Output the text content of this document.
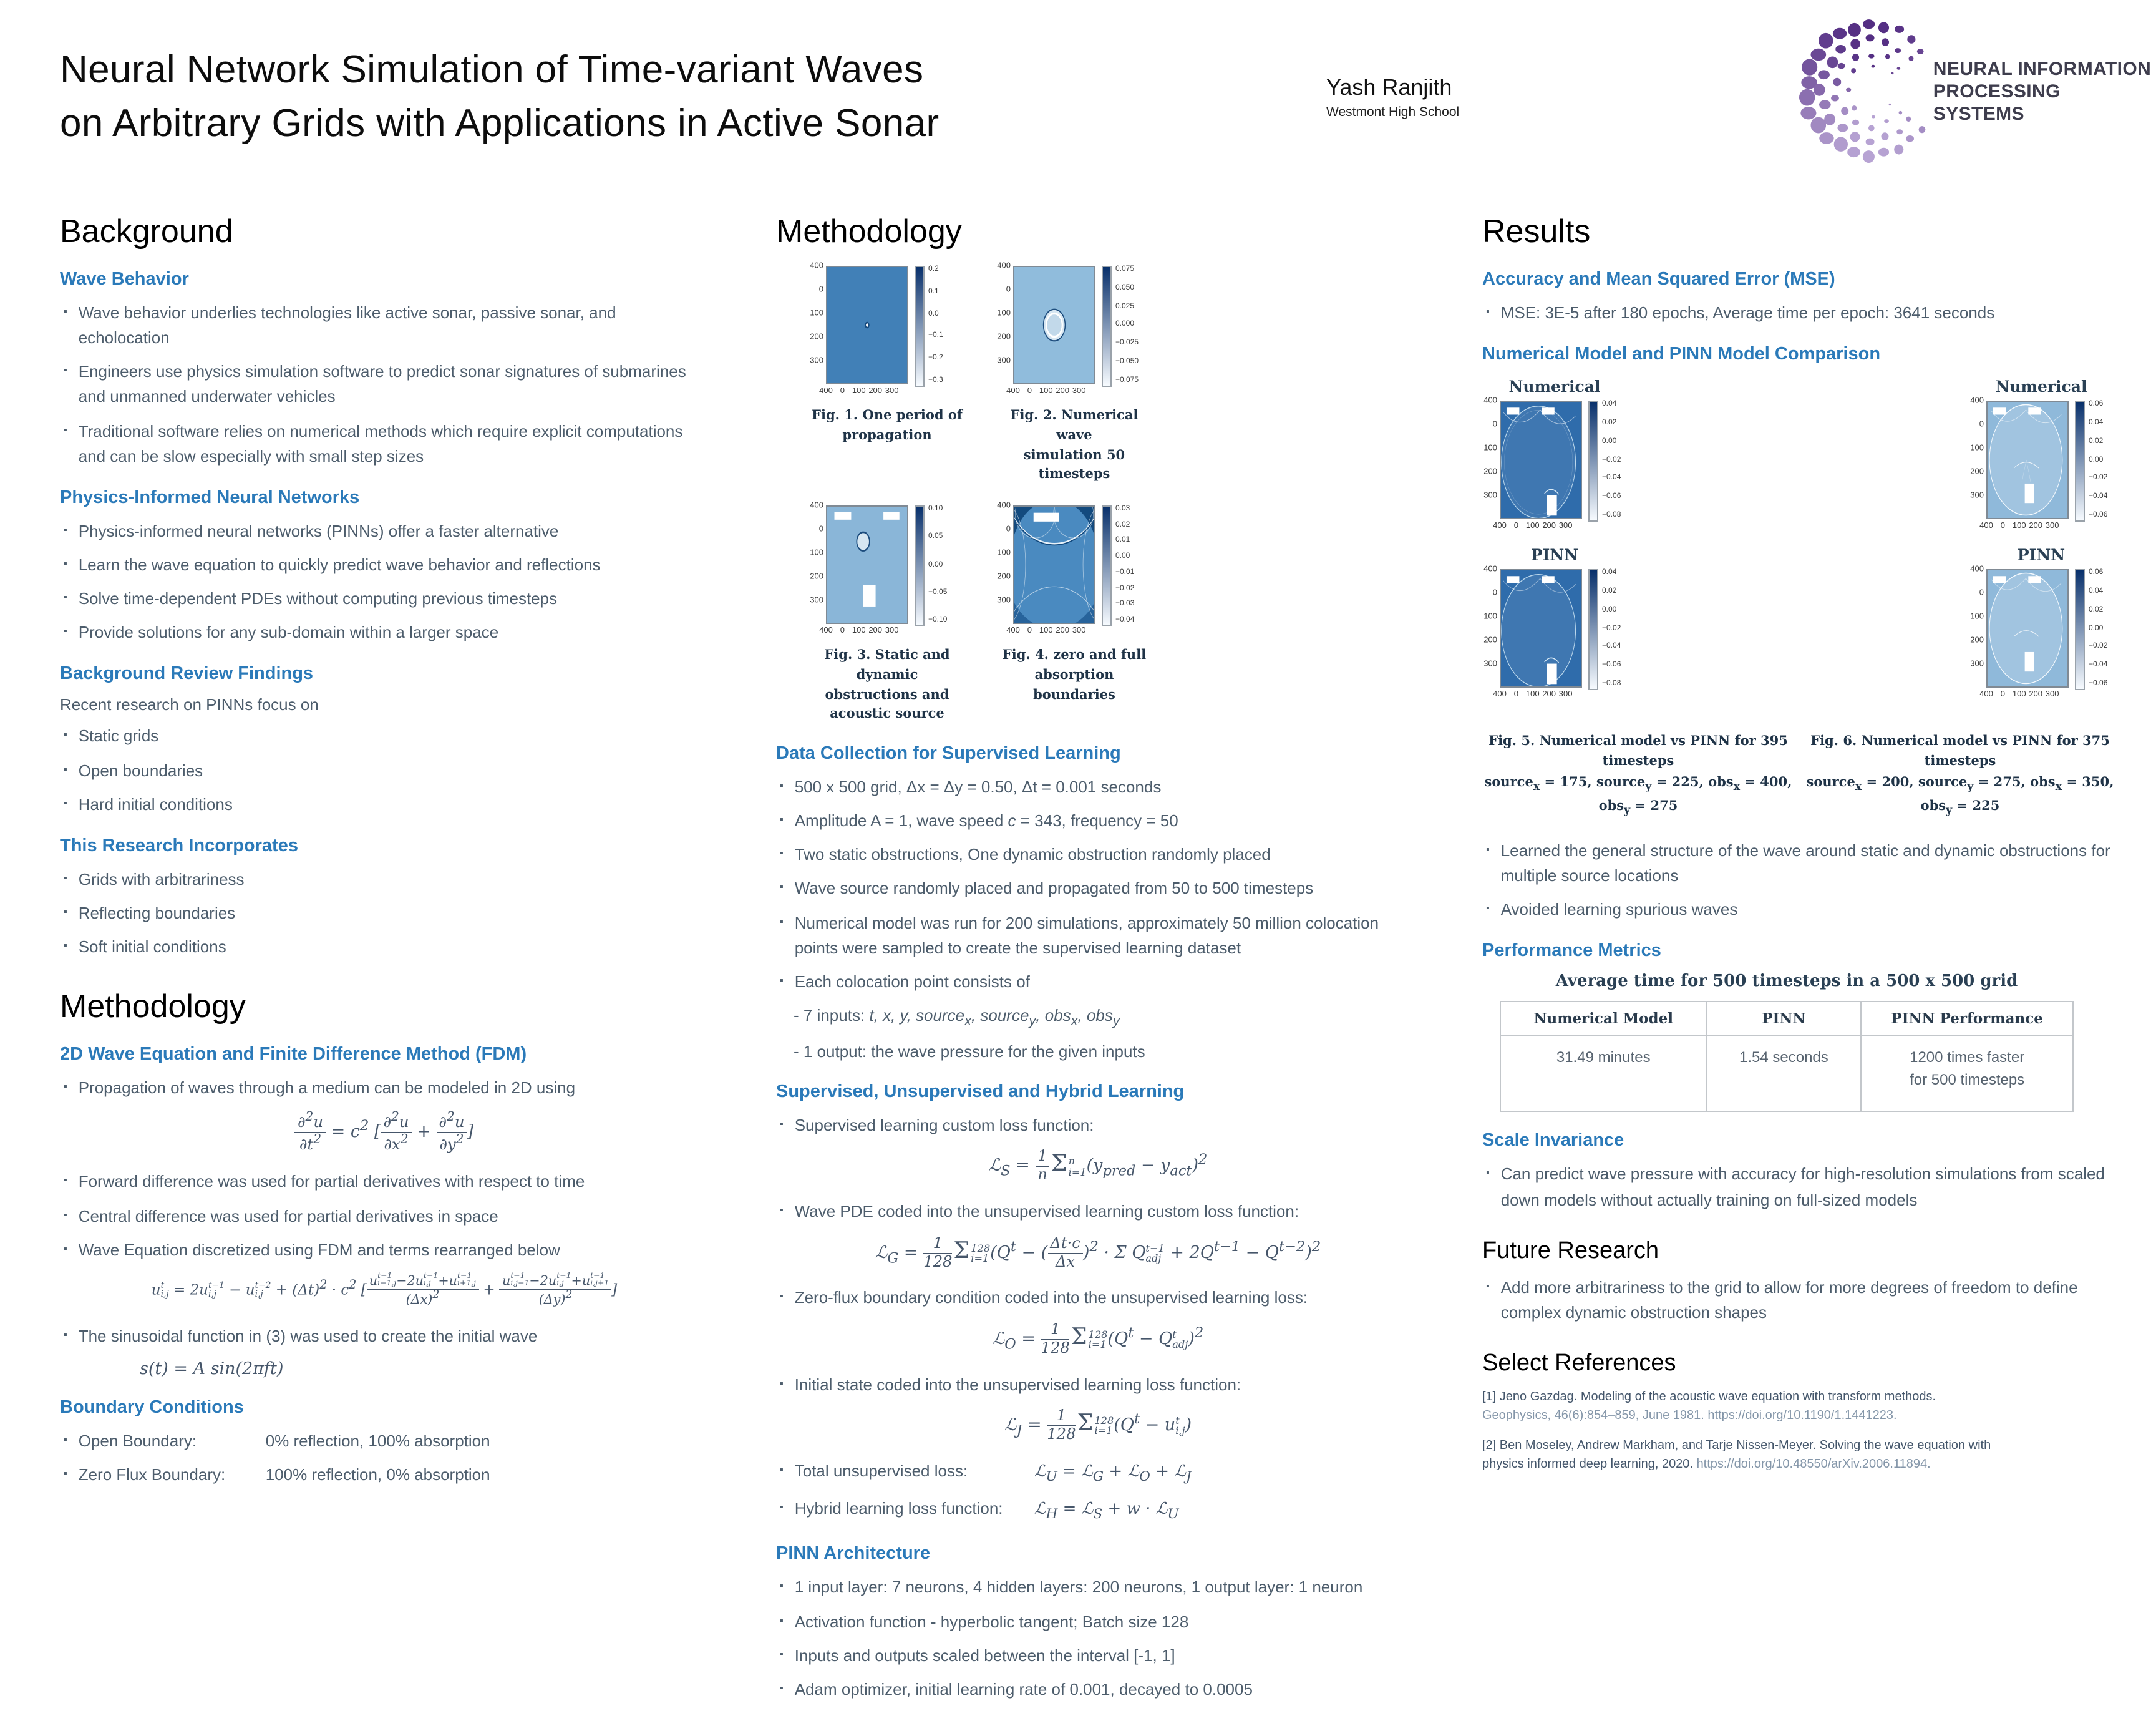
Neural Network Simulation of Time-variant Waves
on Arbitrary Grids with Applications in Active Sonar
Yash Ranjith
Westmont High School
NEURAL INFORMATION
PROCESSING SYSTEMS
Background
Wave Behavior
▪ Wave behavior underlies technologies like active sonar, passive sonar, and echolocation
▪ Engineers use physics simulation software to predict sonar signatures of submarines and unmanned underwater vehicles
▪ Traditional software relies on numerical methods which require explicit computations and can be slow especially with small step sizes
Physics-Informed Neural Networks
▪ Physics-informed neural networks (PINNs) offer a faster alternative
▪ Learn the wave equation to quickly predict wave behavior and reflections
▪ Solve time-dependent PDEs without computing previous timesteps
▪ Provide solutions for any sub-domain within a larger space
Background Review Findings
Recent research on PINNs focus on
▪ Static grids
▪ Open boundaries
▪ Hard initial conditions
This Research Incorporates
▪ Grids with arbitrariness
▪ Reflecting boundaries
▪ Soft initial conditions
Methodology
2D Wave Equation and Finite Difference Method (FDM)
▪ Propagation of waves through a medium can be modeled in 2D using
$\frac{\partial^2u}{\partial t^2} = c^2$ [ $\frac{\partial^2u}{\partial x^2} + \frac{\partial^2u}{\partial y^2}$ ]
▪ Forward difference was used for partial derivatives with respect to time
▪ Central difference was used for partial derivatives in space
▪ Wave Equation discretized using FDM and terms rearranged below
u t
i,j = 2u t−1
i,j	− u t−2
i,j	+ $(\Delta t)^2 \cdot c^2$ [ u t−1
i−1,j −2u t−1
i,j	+u t−1
i+1,j
$(\Delta x)^2 + u$ t−1
i,j−1 −2u t−1
i,j	+u t−1
i,j+1
$(\Delta y)^2$ ]
▪ The sinusoidal function in (3) was used to create the initial wave
s(t) = A sin(2πft)
Boundary Conditions
▪ Open Boundary:	0% reflection, 100% absorption
▪ Zero Flux Boundary:	100% reflection, 0% absorption
Methodology
0
100
200
300
400	0.2
0.1
0.0
−0.1
−0.2
−0.3
0 100 200 300
400
Fig. 1. One period of
propagation
0
100
200
300
400	0.075
0.050
0.025
0.000
−0.025
−0.050
−0.075
0 100 200 300
400
Fig. 2. Numerical wave
simulation 50 timesteps
0
100
200
300
400	0.10
0.05
0.00
−0.05
−0.10
0 100 200 300
400
Fig. 3. Static and dynamic
obstructions and acoustic source
0
100
200
300
400	0.03
0.02
0.01
0.00
−0.01
−0.02
−0.03
−0.04
0 100 200 300
400
Fig. 4. zero and full
absorption boundaries
Data Collection for Supervised Learning
▪ 500 x 500 grid, Δx = Δy = 0.50, Δt = 0.001 seconds
▪ Amplitude A = 1, wave speed c = 343, frequency = 50
▪ Two static obstructions, One dynamic obstruction randomly placed
▪ Wave source randomly placed and propagated from 50 to 500 timesteps
▪ Numerical model was run for 200 simulations, approximately 50 million colocation points were sampled to create the supervised learning dataset
▪ Each colocation point consists of
- 7 inputs: t, x, y, source$_x$, source$_y$, obs$_x$, obs$_y$
- 1 output: the wave pressure for the given inputs
Supervised, Unsupervised and Hybrid Learning
▪ Supervised learning custom loss function:
ℒ$_S$ = $\frac{1}{n}$ Σ n
i=1 $(y_{pred} - y_{act})^2$
▪ Wave PDE coded into the unsupervised learning custom loss function:
ℒ$_G$ = $\frac{1}{128}$ Σ 128
i=1 ($Q^t$ − ( $\frac{\Delta t\cdot c}{\Delta x} )^2 \cdot \Sigma$ Q t−1
adj + $2Q^{t-1} - Q^{t-2})^2$
▪ Zero-flux boundary condition coded into the unsupervised learning loss:
ℒ$_O$ = $\frac{1}{128}$ Σ 128
i=1 ($Q^t - Q$ t
adj )$^2$
▪ Initial state coded into the unsupervised learning loss function:
ℒ$_J$ = $\frac{1}{128}$ Σ 128
i=1 ($Q^t - u$ t
i,j )
▪ Total unsupervised loss:	ℒ$_U$ = ℒ$_G$ + ℒ$_O$ + ℒ$_J$
▪ Hybrid learning loss function:	ℒ$_H$ = ℒ$_S$ + w · ℒ$_U$
PINN Architecture
▪ 1 input layer: 7 neurons, 4 hidden layers: 200 neurons, 1 output layer: 1 neuron
▪ Activation function - hyperbolic tangent; Batch size 128
▪ Inputs and outputs scaled between the interval [-1, 1]
▪ Adam optimizer, initial learning rate of 0.001, decayed to 0.0005
Results
Accuracy and Mean Squared Error (MSE)
▪ MSE: 3E-5 after 180 epochs, Average time per epoch: 3641 seconds
Numerical Model and PINN Model Comparison
Numerical
0
100
200
300
400	0.04
0.02
0.00
−0.02
−0.04
−0.06
−0.08
0 100 200 300
400
PINN
0
100
200
300
400	0.04
0.02
0.00
−0.02
−0.04
−0.06
−0.08
0 100 200 300
400
Numerical
0
100
200
300
400	0.06
0.04
0.02
0.00
−0.02
−0.04
−0.06
0 100 200 300
400
PINN
0
100
200
300
400	0.06
0.04
0.02
0.00
−0.02
−0.04
−0.06
0 100 200 300
400
Fig. 5. Numerical model vs PINN for 395 timesteps
source$_x$ = 175, source$_y$ = 225, obs$_x$ = 400, obs$_y$ = 275
Fig. 6. Numerical model vs PINN for 375 timesteps
source$_x$ = 200, source$_y$ = 275, obs$_x$ = 350, obs$_y$ = 225
▪ Learned the general structure of the wave around static and dynamic obstructions for multiple source locations
▪ Avoided learning spurious waves
Performance Metrics
Average time for 500 timesteps in a 500 x 500 grid
Numerical Model	PINN	PINN Performance
31.49 minutes	1.54 seconds	1200 times faster
for 500 timesteps
Scale Invariance
▪ Can predict wave pressure with accuracy for high-resolution simulations from scaled down models without actually training on full-sized models
Future Research
▪ Add more arbitrariness to the grid to allow for more degrees of freedom to define complex dynamic obstruction shapes
Select References
[1] Jeno Gazdag. Modeling of the acoustic wave equation with transform methods.
Geophysics, 46(6):854–859, June 1981. https://doi.org/10.1190/1.1441223.
[2] Ben Moseley, Andrew Markham, and Tarje Nissen-Meyer. Solving the wave equation with
physics informed deep learning, 2020. https://doi.org/10.48550/arXiv.2006.11894.
